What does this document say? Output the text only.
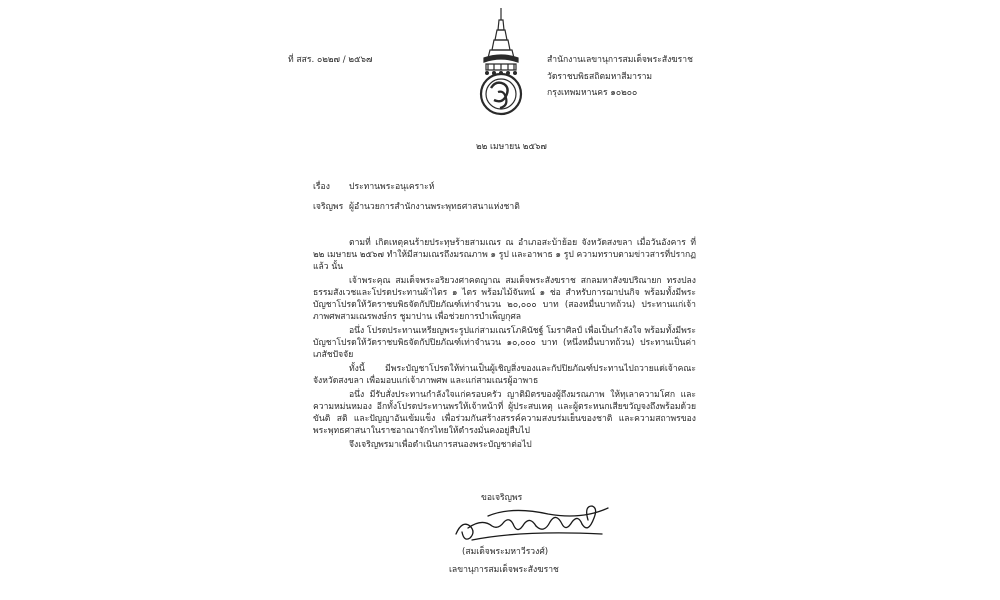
ที่ สสร. ๐๒๒๗ / ๒๕๖๗	สำนักงานเลขานุการสมเด็จพระสังฆราช
วัดราชบพิธสถิตมหาสีมาราม
กรุงเทพมหานคร ๑๐๒๐๐
๒๒ เมษายน ๒๕๖๗
เรื่อง ประทานพระอนุเคราะห์
เจริญพร ผู้อำนวยการสำนักงานพระพุทธศาสนาแห่งชาติ

ตามที่ เกิดเหตุคนร้ายประทุษร้ายสามเณร ณ อำเภอสะบ้าย้อย จังหวัดสงขลา เมื่อวันอังคาร ที่ ๒๒ เมษายน ๒๕๖๗ ทำให้มีสามเณรถึงมรณภาพ ๑ รูป และอาพาธ ๑ รูป ความทราบตามข่าวสารที่ปรากฏแล้ว นั้น

เจ้าพระคุณ สมเด็จพระอริยวงศาคตญาณ สมเด็จพระสังฆราช สกลมหาสังฆปริณายก ทรงปลงธรรมสังเวชและโปรดประทานผ้าไตร ๑ ไตร พร้อมไม้จันทน์ ๑ ช่อ สำหรับการฌาปนกิจ พร้อมทั้งมีพระบัญชาโปรดให้วัดราชบพิธจัดกัปปิยภัณฑ์เท่าจำนวน ๒๐,๐๐๐ บาท (สองหมื่นบาทถ้วน) ประทานแก่เจ้าภาพศพสามเณรพงษ์กร ชูมาปาน เพื่อช่วยการบำเพ็ญกุศล

อนึ่ง โปรดประทานเหรียญพระรูปแก่สามเณรโภคินัชฐ์ โมราศิลป์ เพื่อเป็นกำลังใจ พร้อมทั้งมีพระบัญชาโปรดให้วัดราชบพิธจัดกัปปิยภัณฑ์เท่าจำนวน ๑๐,๐๐๐ บาท (หนึ่งหมื่นบาทถ้วน) ประทานเป็นค่าเภสัชปัจจัย

ทั้งนี้ มีพระบัญชาโปรดให้ท่านเป็นผู้เชิญสิ่งของและกัปปิยภัณฑ์ประทานไปถวายแด่เจ้าคณะจังหวัดสงขลา เพื่อมอบแก่เจ้าภาพศพ และแก่สามเณรผู้อาพาธ

อนึ่ง มีรับสั่งประทานกำลังใจแก่ครอบครัว ญาติมิตรของผู้ถึงมรณภาพ ให้ทุเลาความโศก และความหม่นหมอง อีกทั้งโปรดประทานพรให้เจ้าหน้าที่ ผู้ประสบเหตุ และผู้ตระหนกเสียขวัญจงถึงพร้อมด้วยขันติ สติ และปัญญาอันเข้มแข็ง เพื่อร่วมกันสร้างสรรค์ความสงบร่มเย็นของชาติ และความสถาพรของพระพุทธศาสนาในราชอาณาจักรไทยให้ดำรงมั่นคงอยู่สืบไป

จึงเจริญพรมาเพื่อดำเนินการสนองพระบัญชาต่อไป

ขอเจริญพร
(สมเด็จพระมหาวีรวงศ์)
เลขานุการสมเด็จพระสังฆราช
